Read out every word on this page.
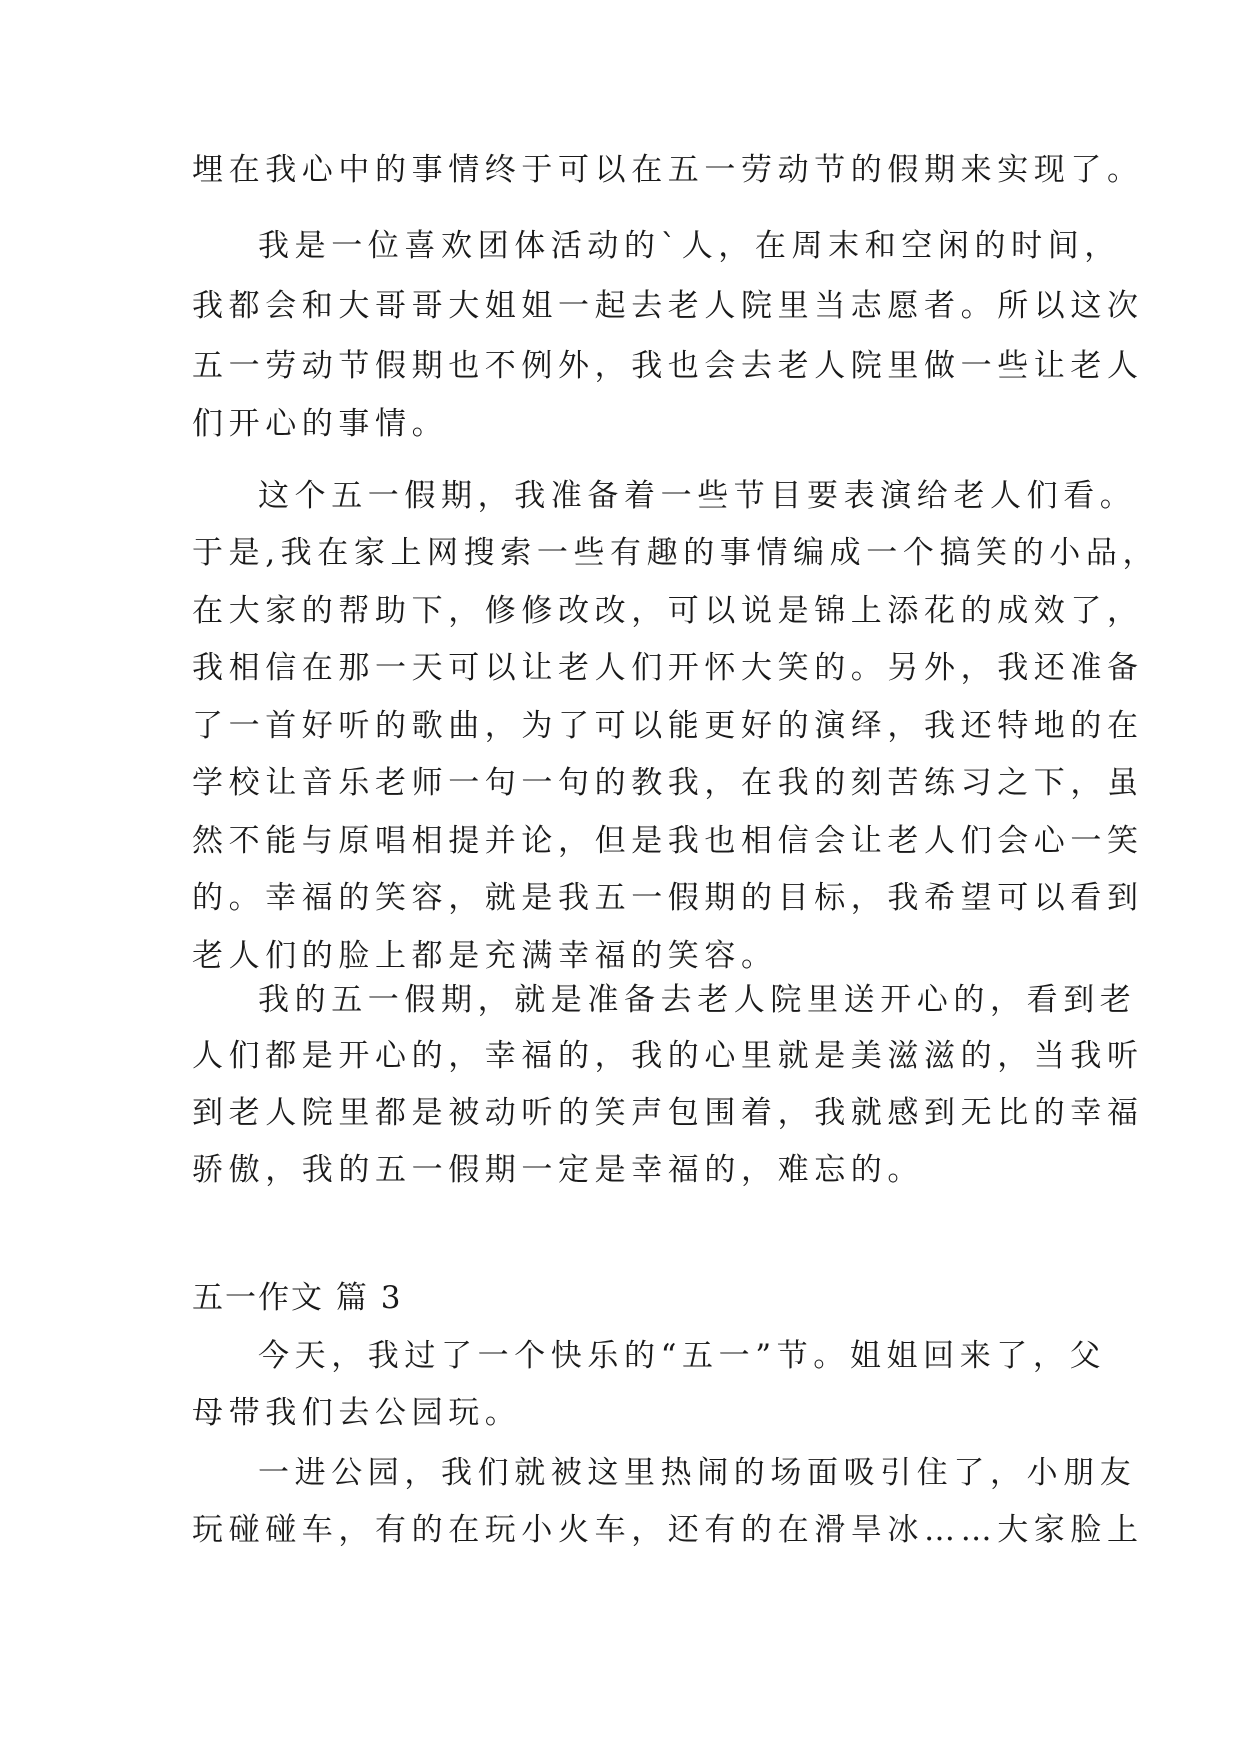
埋在我心中的事情终于可以在五一劳动节的假期来实现了。
我是一位喜欢团体活动的`人，在周末和空闲的时间，
我都会和大哥哥大姐姐一起去老人院里当志愿者。所以这次
五一劳动节假期也不例外，我也会去老人院里做一些让老人
们开心的事情。
这个五一假期，我准备着一些节目要表演给老人们看。
于是,我在家上网搜索一些有趣的事情编成一个搞笑的小品，
在大家的帮助下，修修改改，可以说是锦上添花的成效了，
我相信在那一天可以让老人们开怀大笑的。另外，我还准备
了一首好听的歌曲，为了可以能更好的演绎，我还特地的在
学校让音乐老师一句一句的教我，在我的刻苦练习之下，虽
然不能与原唱相提并论，但是我也相信会让老人们会心一笑
的。幸福的笑容，就是我五一假期的目标，我希望可以看到
老人们的脸上都是充满幸福的笑容。
我的五一假期，就是准备去老人院里送开心的，看到老
人们都是开心的，幸福的，我的心里就是美滋滋的，当我听
到老人院里都是被动听的笑声包围着，我就感到无比的幸福
骄傲，我的五一假期一定是幸福的，难忘的。
五一作文 篇 3
今天，我过了一个快乐的“五一”节。姐姐回来了，父
母带我们去公园玩。
一进公园，我们就被这里热闹的场面吸引住了，小朋友
玩碰碰车，有的在玩小火车，还有的在滑旱冰……大家脸上
